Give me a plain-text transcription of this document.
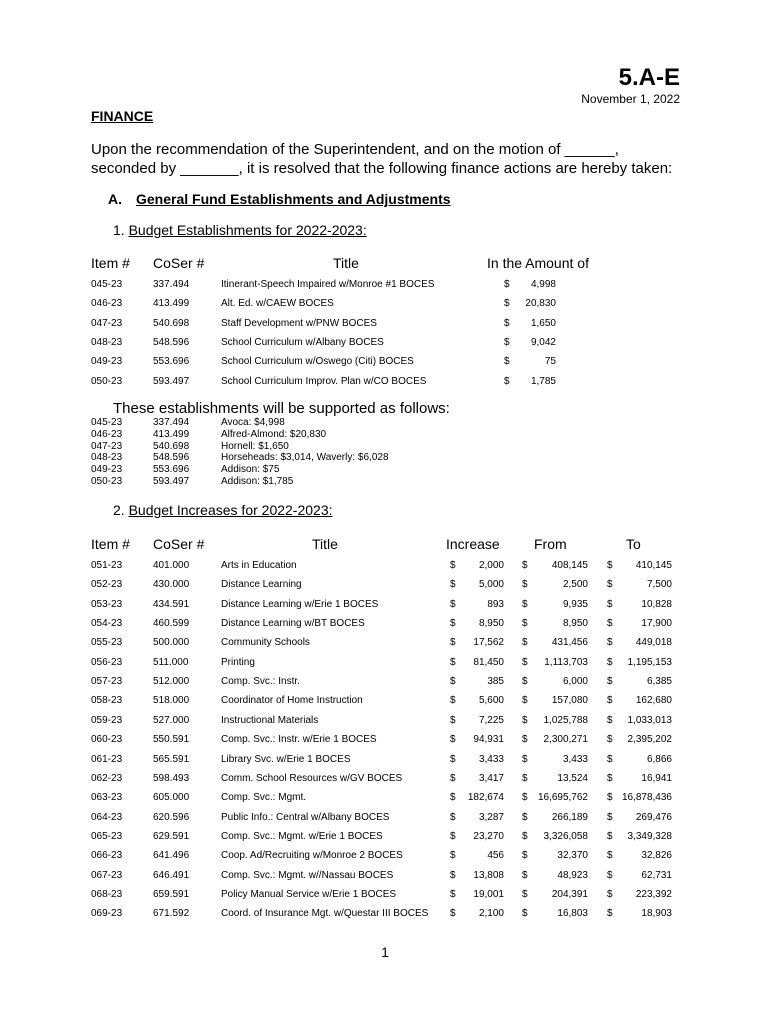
5.A-E
November 1, 2022
FINANCE
Upon the recommendation of the Superintendent, and on the motion of ______,
seconded by _______, it is resolved that the following finance actions are hereby taken:
A. General Fund Establishments and Adjustments
1. Budget Establishments for 2022-2023:
Item # CoSer #	Title	In the Amount of
045-23	337.494	Itinerant-Speech Impaired w/Monroe #1 BOCES	$ 4,998
046-23	413.499	Alt. Ed. w/CAEW BOCES	$ 20,830
047-23	540.698	Staff Development w/PNW BOCES	$ 1,650
048-23	548.596	School Curriculum w/Albany BOCES	$ 9,042
049-23	553.696	School Curriculum w/Oswego (Citi) BOCES	$	75
050-23	593.497	School Curriculum Improv. Plan w/CO BOCES	$ 1,785
These establishments will be supported as follows:
045-23	337.494	Avoca: $4,998
046-23	413.499	Alfred-Almond: $20,830
047-23	540.698	Hornell: $1,650
048-23	548.596	Horseheads: $3,014, Waverly: $6,028
049-23	553.696	Addison: $75
050-23	593.497	Addison: $1,785
2. Budget Increases for 2022-2023:
Item # CoSer #	Title	Increase From	To
051-23	401.000	Arts in Education	$ 2,000 $ 408,145 $ 410,145
052-23	430.000	Distance Learning	$ 5,000 $	2,500 $	7,500
053-23	434.591	Distance Learning w/Erie 1 BOCES	$	893 $	9,935 $	10,828
054-23	460.599	Distance Learning w/BT BOCES	$ 8,950 $	8,950 $	17,900
055-23	500.000	Community Schools	$ 17,562 $ 431,456 $ 449,018
056-23	511.000	Printing	$ 81,450 $ 1,113,703 $ 1,195,153
057-23	512.000	Comp. Svc.: Instr.	$	385 $	6,000 $	6,385
058-23	518.000	Coordinator of Home Instruction	$ 5,600 $ 157,080 $ 162,680
059-23	527.000	Instructional Materials	$ 7,225 $ 1,025,788 $ 1,033,013
060-23	550.591	Comp. Svc.: Instr. w/Erie 1 BOCES	$ 94,931 $ 2,300,271 $ 2,395,202
061-23	565.591	Library Svc. w/Erie 1 BOCES	$ 3,433 $	3,433 $	6,866
062-23	598.493	Comm. School Resources w/GV BOCES	$ 3,417 $	13,524 $	16,941
063-23	605.000	Comp. Svc.: Mgmt.	$ 182,674 $ 16,695,762 $ 16,878,436
064-23	620.596	Public Info.: Central w/Albany BOCES	$ 3,287 $ 266,189 $ 269,476
065-23	629.591	Comp. Svc.: Mgmt. w/Erie 1 BOCES	$ 23,270 $ 3,326,058 $ 3,349,328
066-23	641.496	Coop. Ad/Recruiting w/Monroe 2 BOCES	$	456 $	32,370 $	32,826
067-23	646.491	Comp. Svc.: Mgmt. w//Nassau BOCES	$ 13,808 $	48,923 $	62,731
068-23	659.591	Policy Manual Service w/Erie 1 BOCES	$ 19,001 $ 204,391 $ 223,392
069-23	671.592	Coord. of Insurance Mgt. w/Questar III BOCES $ 2,100 $	16,803 $	18,903
1
